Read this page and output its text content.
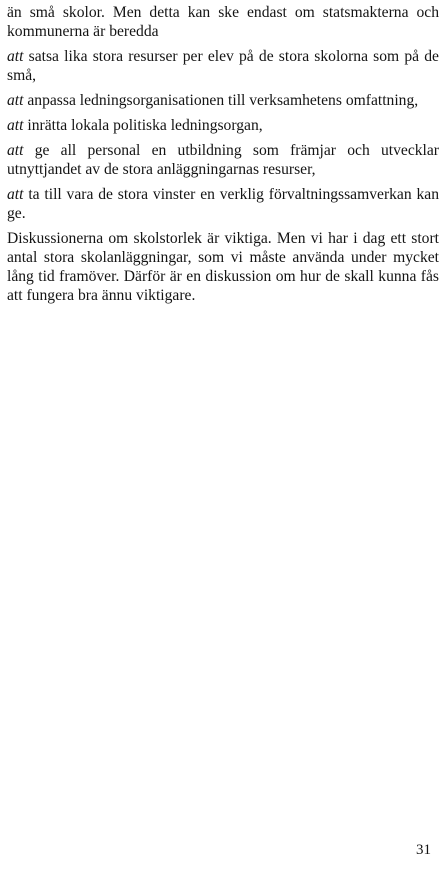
än små skolor. Men detta kan ske endast om statsmakterna och kommunerna är beredda

att satsa lika stora resurser per elev på de stora skolorna som på de små,

att anpassa ledningsorganisationen till verksamhetens omfattning,

att inrätta lokala politiska ledningsorgan,

att ge all personal en utbildning som främjar och utvecklar utnyttjandet av de stora anläggningarnas resurser,

att ta till vara de stora vinster en verklig förvaltningssamverkan kan ge.

Diskussionerna om skolstorlek är viktiga. Men vi har i dag ett stort antal stora skolanläggningar, som vi måste använda under mycket lång tid framöver. Därför är en diskussion om hur de skall kunna fås att fungera bra ännu viktigare.

31
